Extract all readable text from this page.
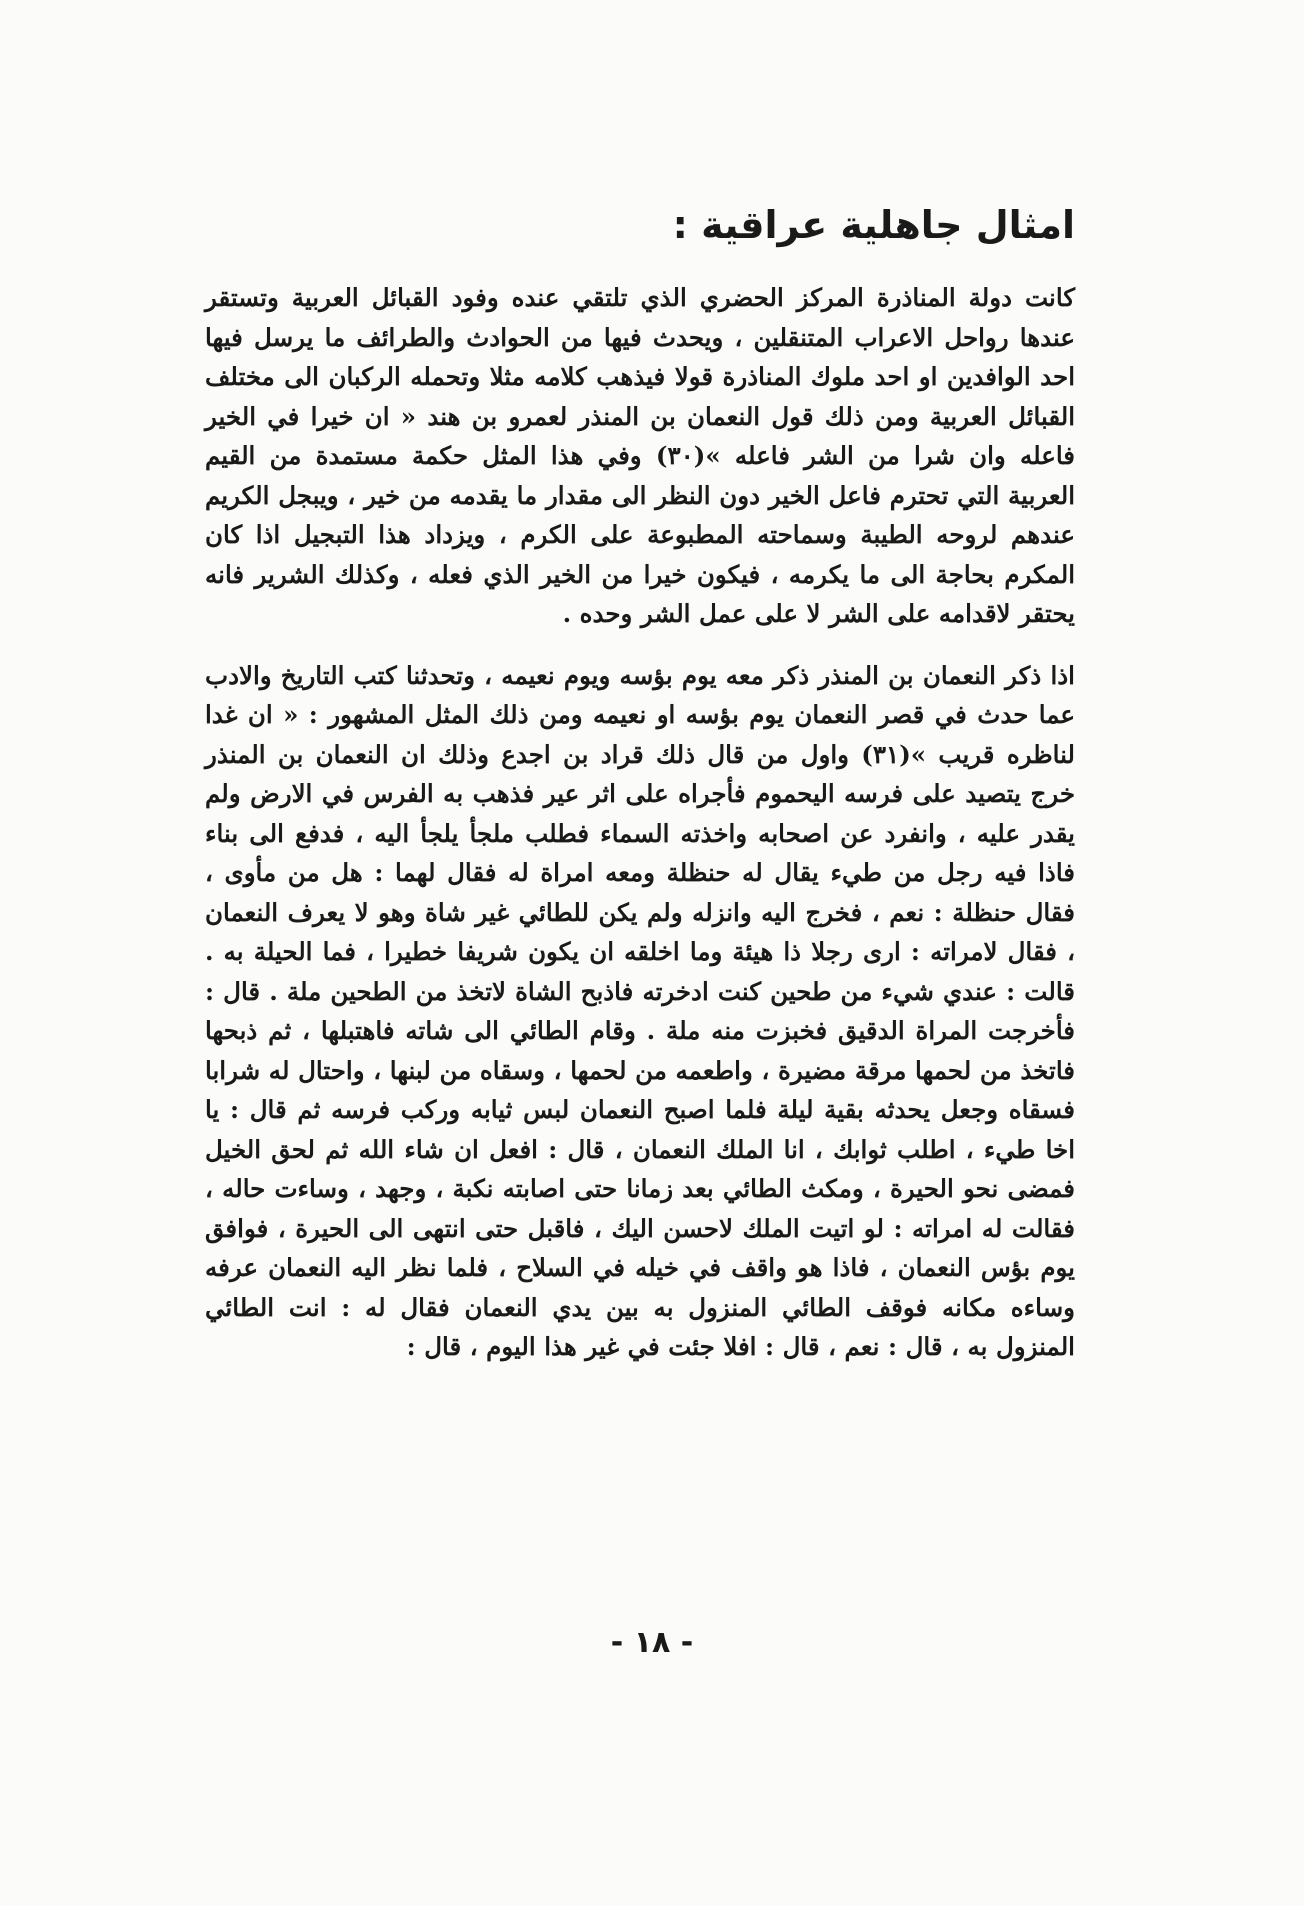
امثال جاهلية عراقية :

كانت دولة المناذرة المركز الحضري الذي تلتقي عنده وفود القبائل العربية وتستقر عندها رواحل الاعراب المتنقلين ، ويحدث فيها من الحوادث والطرائف ما يرسل فيها احد الوافدين او احد ملوك المناذرة قولا فيذهب كلامه مثلا وتحمله الركبان الى مختلف القبائل العربية ومن ذلك قول النعمان بن المنذر لعمرو بن هند « ان خيرا في الخير فاعله وان شرا من الشر فاعله »(٣٠) وفي هذا المثل حكمة مستمدة من القيم العربية التي تحترم فاعل الخير دون النظر الى مقدار ما يقدمه من خير ، ويبجل الكريم عندهم لروحه الطيبة وسماحته المطبوعة على الكرم ، ويزداد هذا التبجيل اذا كان المكرم بحاجة الى ما يكرمه ، فيكون خيرا من الخير الذي فعله ، وكذلك الشرير فانه يحتقر لاقدامه على الشر لا على عمل الشر وحده .

اذا ذكر النعمان بن المنذر ذكر معه يوم بؤسه ويوم نعيمه ، وتحدثنا كتب التاريخ والادب عما حدث في قصر النعمان يوم بؤسه او نعيمه ومن ذلك المثل المشهور : « ان غدا لناظره قريب »(٣١) واول من قال ذلك قراد بن اجدع وذلك ان النعمان بن المنذر خرج يتصيد على فرسه اليحموم فأجراه على اثر عير فذهب به الفرس في الارض ولم يقدر عليه ، وانفرد عن اصحابه واخذته السماء فطلب ملجأ يلجأ اليه ، فدفع الى بناء فاذا فيه رجل من طيء يقال له حنظلة ومعه امراة له فقال لهما : هل من مأوى ، فقال حنظلة : نعم ، فخرج اليه وانزله ولم يكن للطائي غير شاة وهو لا يعرف النعمان ، فقال لامراته : ارى رجلا ذا هيئة وما اخلقه ان يكون شريفا خطيرا ، فما الحيلة به . قالت : عندي شيء من طحين كنت ادخرته فاذبح الشاة لاتخذ من الطحين ملة . قال : فأخرجت المراة الدقيق فخبزت منه ملة . وقام الطائي الى شاته فاهتبلها ، ثم ذبحها فاتخذ من لحمها مرقة مضيرة ، واطعمه من لحمها ، وسقاه من لبنها ، واحتال له شرابا فسقاه وجعل يحدثه بقية ليلة فلما اصبح النعمان لبس ثيابه وركب فرسه ثم قال : يا اخا طيء ، اطلب ثوابك ، انا الملك النعمان ، قال : افعل ان شاء الله ثم لحق الخيل فمضى نحو الحيرة ، ومكث الطائي بعد زمانا حتى اصابته نكبة ، وجهد ، وساءت حاله ، فقالت له امراته : لو اتيت الملك لاحسن اليك ، فاقبل حتى انتهى الى الحيرة ، فوافق يوم بؤس النعمان ، فاذا هو واقف في خيله في السلاح ، فلما نظر اليه النعمان عرفه وساءه مكانه فوقف الطائي المنزول به بين يدي النعمان فقال له : انت الطائي المنزول به ، قال : نعم ، قال : افلا جئت في غير هذا اليوم ، قال :

- ١٨ -
